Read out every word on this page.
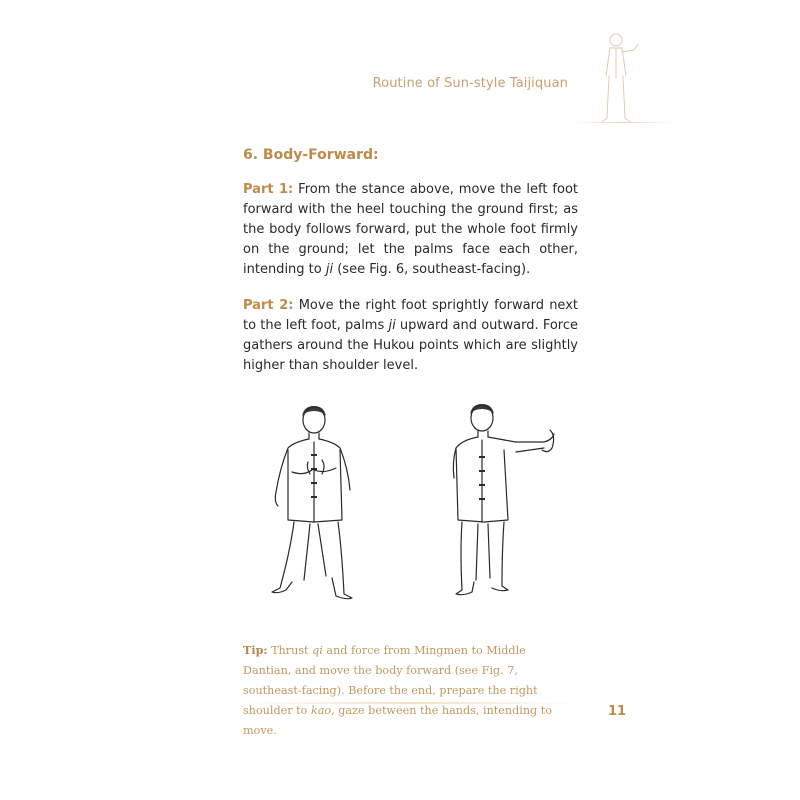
Routine of Sun-style Taijiquan
6. Body-Forward:
Part 1: From the stance above, move the left foot forward with the heel touching the ground first; as the body follows forward, put the whole foot firmly on the ground; let the palms face each other, intending to ji (see Fig. 6, southeast-facing).
Part 2: Move the right foot sprightly forward next to the left foot, palms ji upward and outward. Force gathers around the Hukou points which are slightly higher than shoulder level.
Tip: Thrust qi and force from Mingmen to Middle Dantian, and move the body forward (see Fig. 7, southeast-facing). Before the end, prepare the right shoulder to kao, gaze between the hands, intending to move.
11
